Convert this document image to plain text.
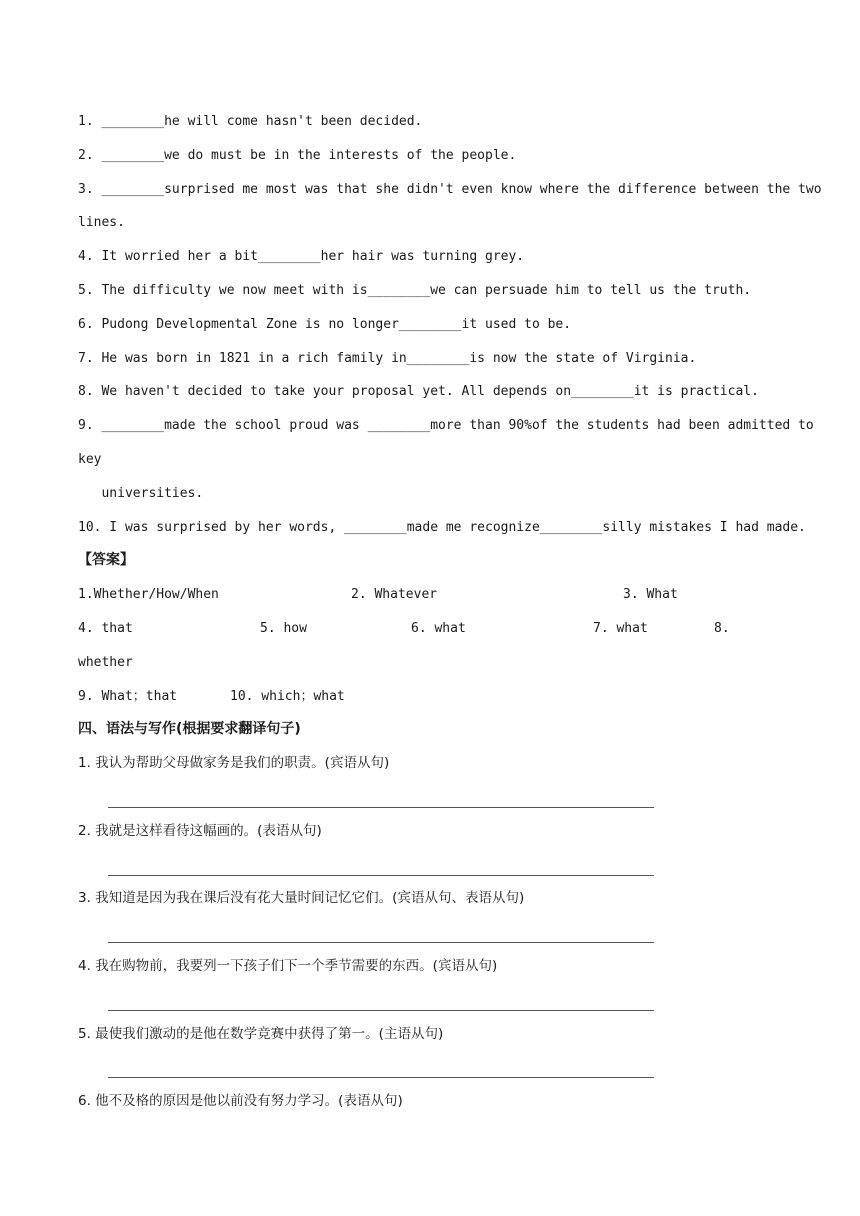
1. ________he will come hasn't been decided.
2. ________we do must be in the interests of the people.
3. ________surprised me most was that she didn't even know where the difference between the two
lines.
4. It worried her a bit________her hair was turning grey.
5. The difficulty we now meet with is________we can persuade him to tell us the truth.
6. Pudong Developmental Zone is no longer________it used to be.
7. He was born in 1821 in a rich family in________is now the state of Virginia.
8. We haven't decided to take your proposal yet. All depends on________it is practical.
9. ________made the school proud was ________more than 90%of the students had been admitted to
key
universities.
10. I was surprised by her words, ________made me recognize________silly mistakes I had made.
【答案】
1.Whether/How/When	2. Whatever	3. What
4. that	5. how	6. what	7. what	8.
whether
9. What；that	10. which；what
四、语法与写作(根据要求翻译句子)
1. 我认为帮助父母做家务是我们的职责。(宾语从句)
2. 我就是这样看待这幅画的。(表语从句)
3. 我知道是因为我在课后没有花大量时间记忆它们。(宾语从句、表语从句)
4. 我在购物前，我要列一下孩子们下一个季节需要的东西。(宾语从句)
5. 最使我们激动的是他在数学竞赛中获得了第一。(主语从句)
6. 他不及格的原因是他以前没有努力学习。(表语从句)
